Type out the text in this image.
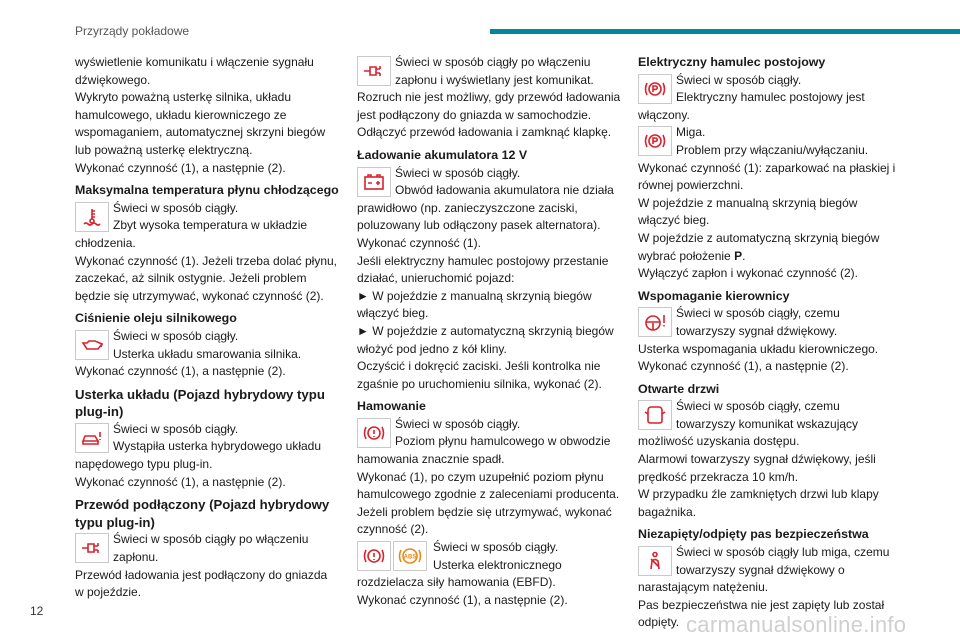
Przyrządy pokładowe

wyświetlenie komunikatu i włączenie sygnału dźwiękowego.

Wykryto poważną usterkę silnika, układu hamulcowego, układu kierowniczego ze wspomaganiem, automatycznej skrzyni biegów lub poważną usterkę elektryczną.

Wykonać czynność (1), a następnie (2).

Maksymalna temperatura płynu chłodzącego

Świeci w sposób ciągły.

Zbyt wysoka temperatura w układzie chłodzenia.

Wykonać czynność (1). Jeżeli trzeba dolać płynu, zaczekać, aż silnik ostygnie. Jeżeli problem będzie się utrzymywać, wykonać czynność (2).

Ciśnienie oleju silnikowego

Świeci w sposób ciągły.

Usterka układu smarowania silnika.

Wykonać czynność (1), a następnie (2).

Usterka układu (Pojazd hybrydowy typu plug-in)

Świeci w sposób ciągły.

Wystąpiła usterka hybrydowego układu napędowego typu plug-in.

Wykonać czynność (1), a następnie (2).

Przewód podłączony (Pojazd hybrydowy typu plug-in)

Świeci w sposób ciągły po włączeniu zapłonu.

Przewód ładowania jest podłączony do gniazda w pojeździe.

Świeci w sposób ciągły po włączeniu zapłonu i wyświetlany jest komunikat.

Rozruch nie jest możliwy, gdy przewód ładowania jest podłączony do gniazda w samochodzie. Odłączyć przewód ładowania i zamknąć klapkę.

Ładowanie akumulatora 12 V

Świeci w sposób ciągły.

Obwód ładowania akumulatora nie działa prawidłowo (np. zanieczyszczone zaciski, poluzowany lub odłączony pasek alternatora).

Wykonać czynność (1).

Jeśli elektryczny hamulec postojowy przestanie działać, unieruchomić pojazd:

► W pojeździe z manualną skrzynią biegów włączyć bieg.

► W pojeździe z automatyczną skrzynią biegów włożyć pod jedno z kół kliny.

Oczyścić i dokręcić zaciski. Jeśli kontrolka nie zgaśnie po uruchomieniu silnika, wykonać (2).

Hamowanie

Świeci w sposób ciągły.

Poziom płynu hamulcowego w obwodzie hamowania znacznie spadł.

Wykonać (1), po czym uzupełnić poziom płynu hamulcowego zgodnie z zaleceniami producenta. Jeżeli problem będzie się utrzymywać, wykonać czynność (2).

ABS

Świeci w sposób ciągły.

Usterka elektronicznego rozdzielacza siły hamowania (EBFD).

Wykonać czynność (1), a następnie (2).

Elektryczny hamulec postojowy

Świeci w sposób ciągły.

Elektryczny hamulec postojowy jest włączony.

Miga.

Problem przy włączaniu/wyłączaniu.

Wykonać czynność (1): zaparkować na płaskiej i równej powierzchni.

W pojeździe z manualną skrzynią biegów włączyć bieg.

W pojeździe z automatyczną skrzynią biegów wybrać położenie P.

Wyłączyć zapłon i wykonać czynność (2).

Wspomaganie kierownicy

Świeci w sposób ciągły, czemu towarzyszy sygnał dźwiękowy.

Usterka wspomagania układu kierowniczego. Wykonać czynność (1), a następnie (2).

Otwarte drzwi

Świeci w sposób ciągły, czemu towarzyszy komunikat wskazujący możliwość uzyskania dostępu.

Alarmowi towarzyszy sygnał dźwiękowy, jeśli prędkość przekracza 10 km/h.

W przypadku źle zamkniętych drzwi lub klapy bagażnika.

Niezapięty/odpięty pas bezpieczeństwa

Świeci w sposób ciągły lub miga, czemu towarzyszy sygnał dźwiękowy o narastającym natężeniu.

Pas bezpieczeństwa nie jest zapięty lub został odpięty.

12
carmanualsonline.info
